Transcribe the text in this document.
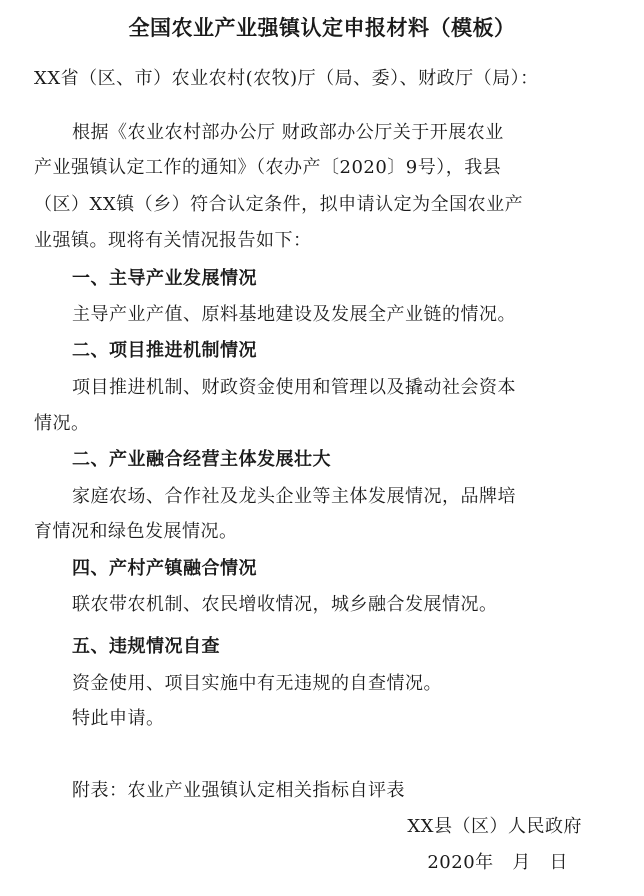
全国农业产业强镇认定申报材料（模板）
XX省（区、市）农业农村(农牧)厅（局、委）、财政厅（局）：
根据《农业农村部办公厅 财政部办公厅关于开展农业
产业强镇认定工作的通知》（农办产〔2020〕9号），我县
（区）XX镇（乡）符合认定条件，拟申请认定为全国农业产
业强镇。现将有关情况报告如下：
一、主导产业发展情况
主导产业产值、原料基地建设及发展全产业链的情况。
二、项目推进机制情况
项目推进机制、财政资金使用和管理以及撬动社会资本
情况。
二、产业融合经营主体发展壮大
家庭农场、合作社及龙头企业等主体发展情况，品牌培
育情况和绿色发展情况。
四、产村产镇融合情况
联农带农机制、农民增收情况，城乡融合发展情况。
五、违规情况自查
资金使用、项目实施中有无违规的自查情况。
特此申请。
附表：农业产业强镇认定相关指标自评表
XX县（区）人民政府
2020年   月   日
